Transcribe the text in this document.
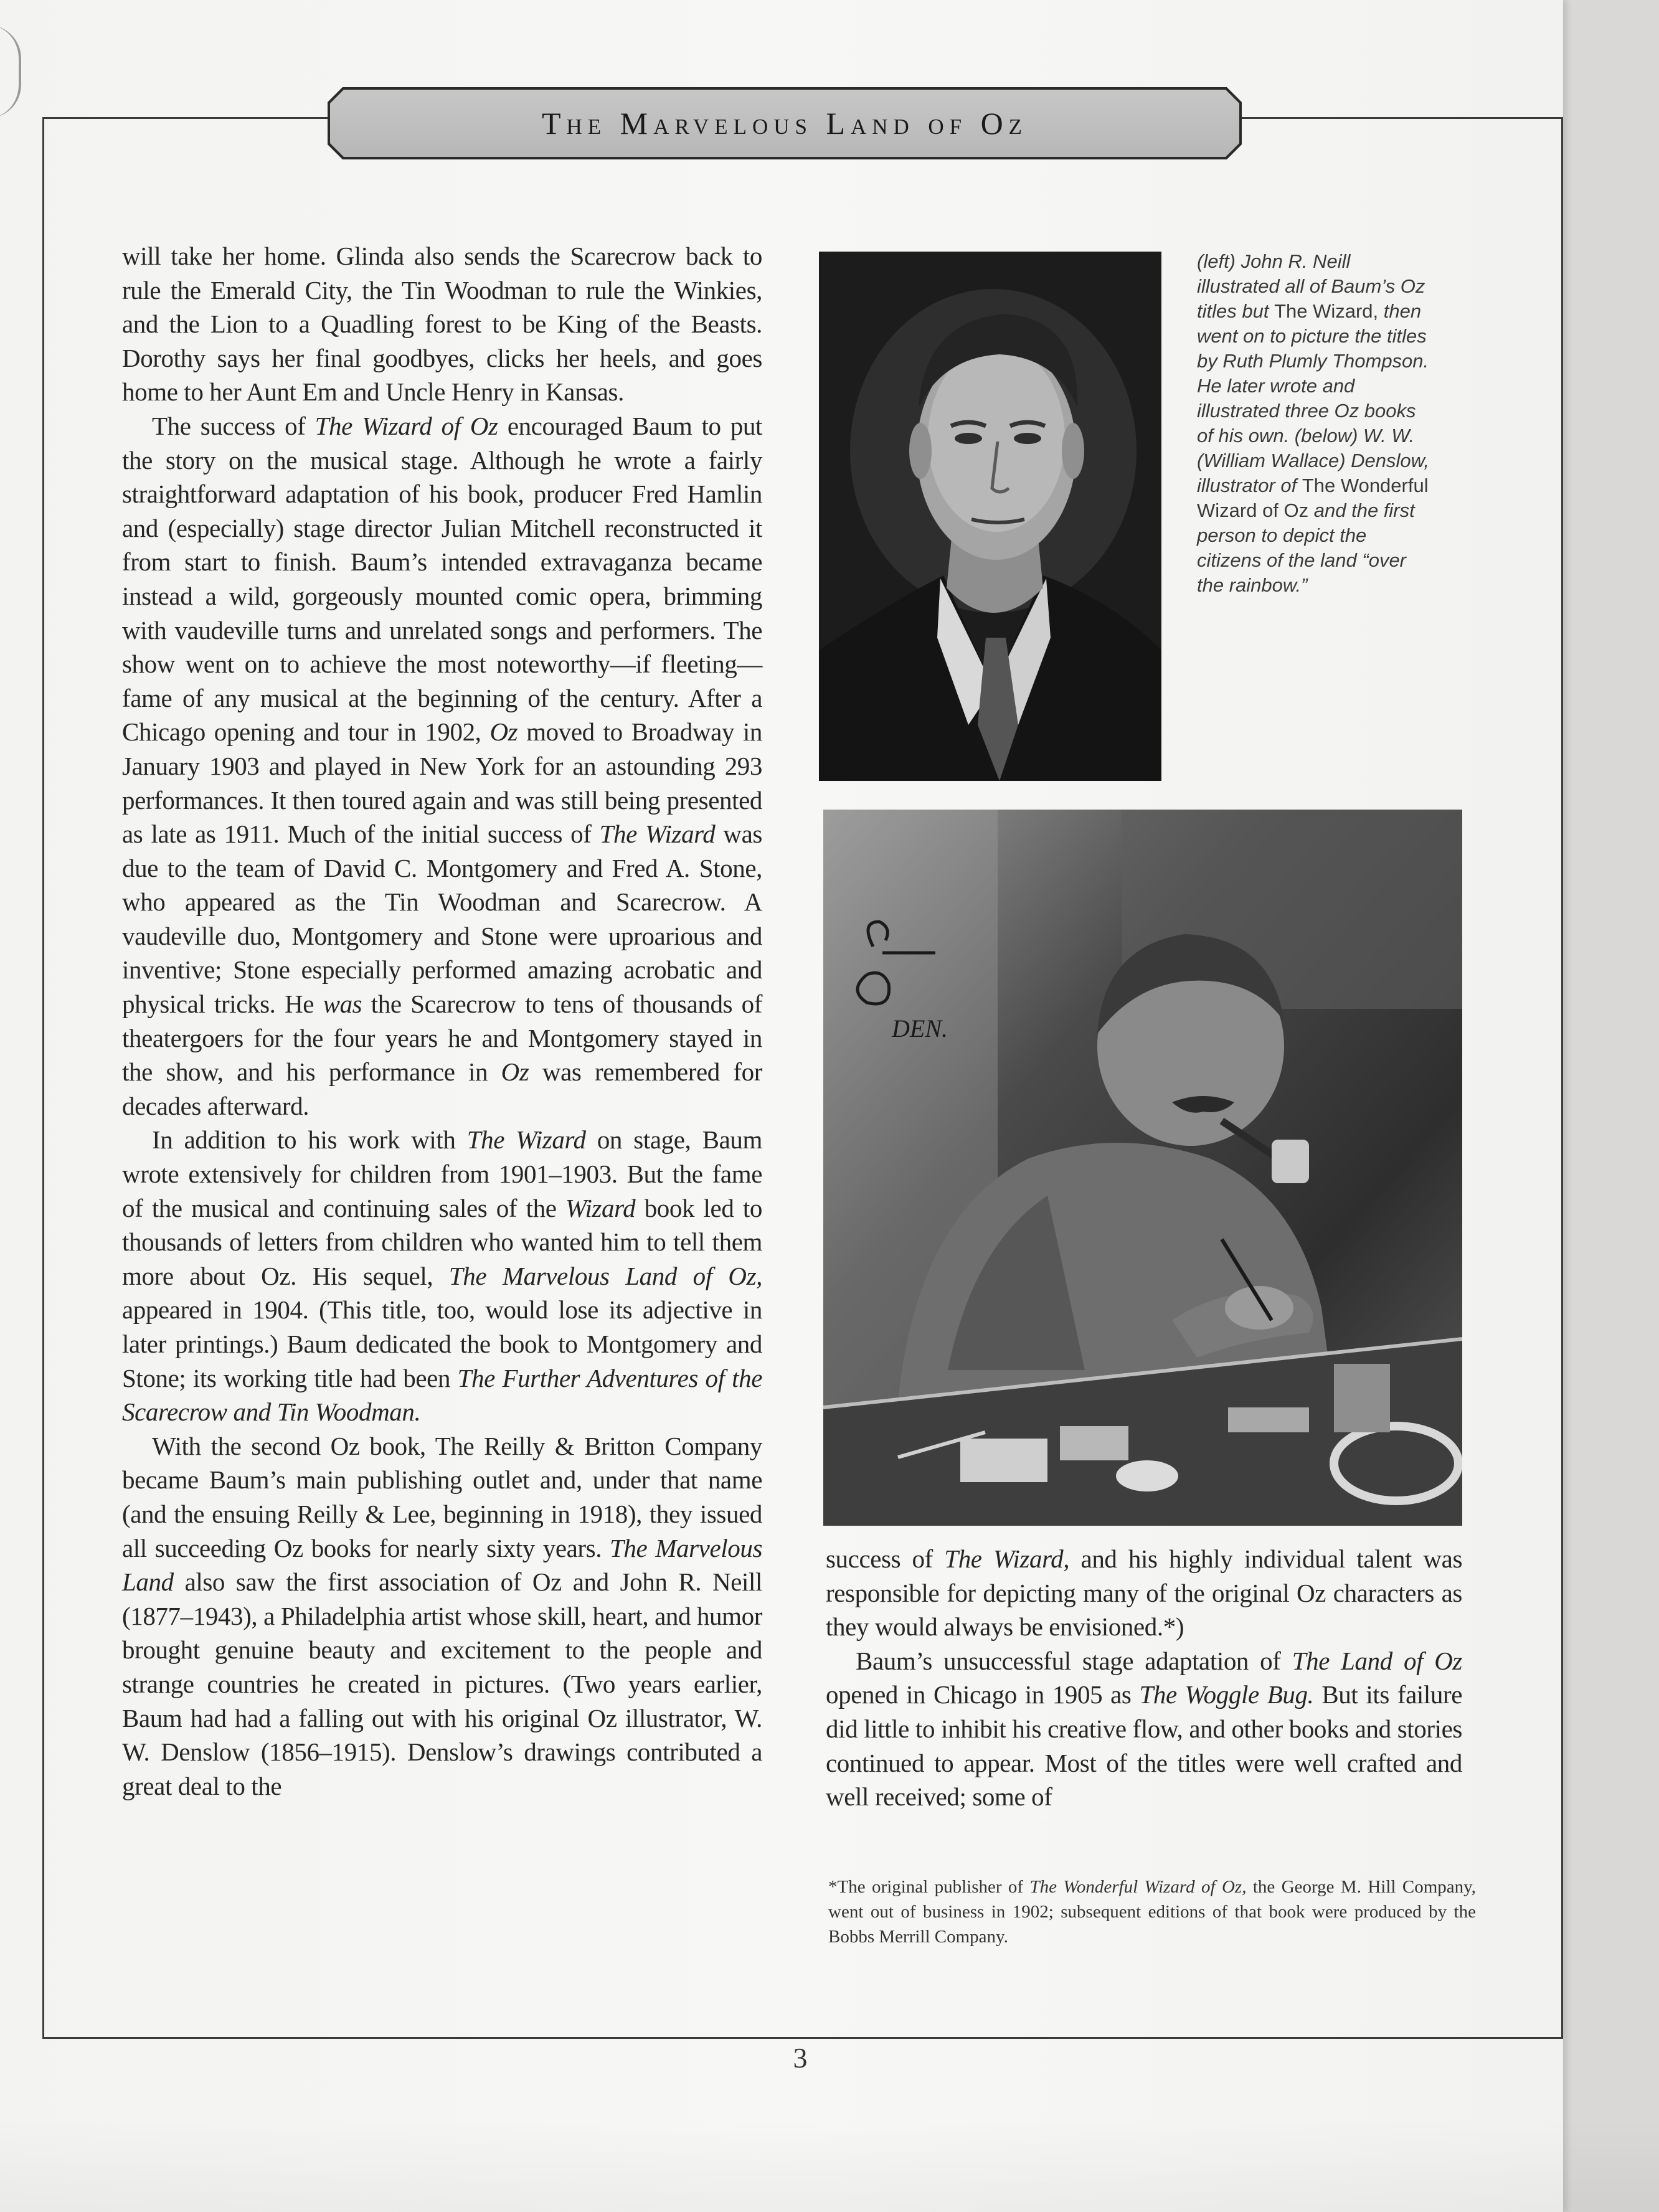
The Marvelous Land of Oz

will take her home. Glinda also sends the Scarecrow back to rule the Emerald City, the Tin Woodman to rule the Winkies, and the Lion to a Quadling forest to be King of the Beasts. Dorothy says her final goodbyes, clicks her heels, and goes home to her Aunt Em and Uncle Henry in Kansas.

The success of The Wizard of Oz encouraged Baum to put the story on the musical stage. Although he wrote a fairly straightforward adaptation of his book, producer Fred Hamlin and (especially) stage director Julian Mitchell reconstructed it from start to finish. Baum’s intended extravaganza became instead a wild, gorgeously mounted comic opera, brimming with vaudeville turns and unrelated songs and performers. The show went on to achieve the most noteworthy—if fleeting—fame of any musical at the beginning of the century. After a Chicago opening and tour in 1902, Oz moved to Broadway in January 1903 and played in New York for an astounding 293 performances. It then toured again and was still being presented as late as 1911. Much of the initial success of The Wizard was due to the team of David C. Montgomery and Fred A. Stone, who appeared as the Tin Woodman and Scarecrow. A vaudeville duo, Montgomery and Stone were uproarious and inventive; Stone especially performed amazing acrobatic and physical tricks. He was the Scarecrow to tens of thousands of theatergoers for the four years he and Montgomery stayed in the show, and his performance in Oz was remembered for decades afterward.

In addition to his work with The Wizard on stage, Baum wrote extensively for children from 1901–1903. But the fame of the musical and continuing sales of the Wizard book led to thousands of letters from children who wanted him to tell them more about Oz. His sequel, The Marvelous Land of Oz, appeared in 1904. (This title, too, would lose its adjective in later printings.) Baum dedicated the book to Montgomery and Stone; its working title had been The Further Adventures of the Scarecrow and Tin Woodman.

With the second Oz book, The Reilly & Britton Company became Baum’s main publishing outlet and, under that name (and the ensuing Reilly & Lee, beginning in 1918), they issued all succeeding Oz books for nearly sixty years. The Marvelous Land also saw the first association of Oz and John R. Neill (1877–1943), a Philadelphia artist whose skill, heart, and humor brought genuine beauty and excitement to the people and strange countries he created in pictures. (Two years earlier, Baum had had a falling out with his original Oz illustrator, W. W. Denslow (1856–1915). Denslow’s drawings contributed a great deal to the

(left) John R. Neill illustrated all of Baum’s Oz titles but The Wizard, then went on to picture the titles by Ruth Plumly Thompson. He later wrote and illustrated three Oz books of his own. (below) W. W. (William Wallace) Denslow, illustrator of The Wonderful Wizard of Oz and the first person to depict the citizens of the land “over the rainbow.”
DEN.

success of The Wizard, and his highly individual talent was responsible for depicting many of the original Oz characters as they would always be envisioned.*)

Baum’s unsuccessful stage adaptation of The Land of Oz opened in Chicago in 1905 as The Woggle Bug. But its failure did little to inhibit his creative flow, and other books and stories continued to appear. Most of the titles were well crafted and well received; some of

*The original publisher of The Wonderful Wizard of Oz, the George M. Hill Company, went out of business in 1902; subsequent editions of that book were produced by the Bobbs Merrill Company.
3
